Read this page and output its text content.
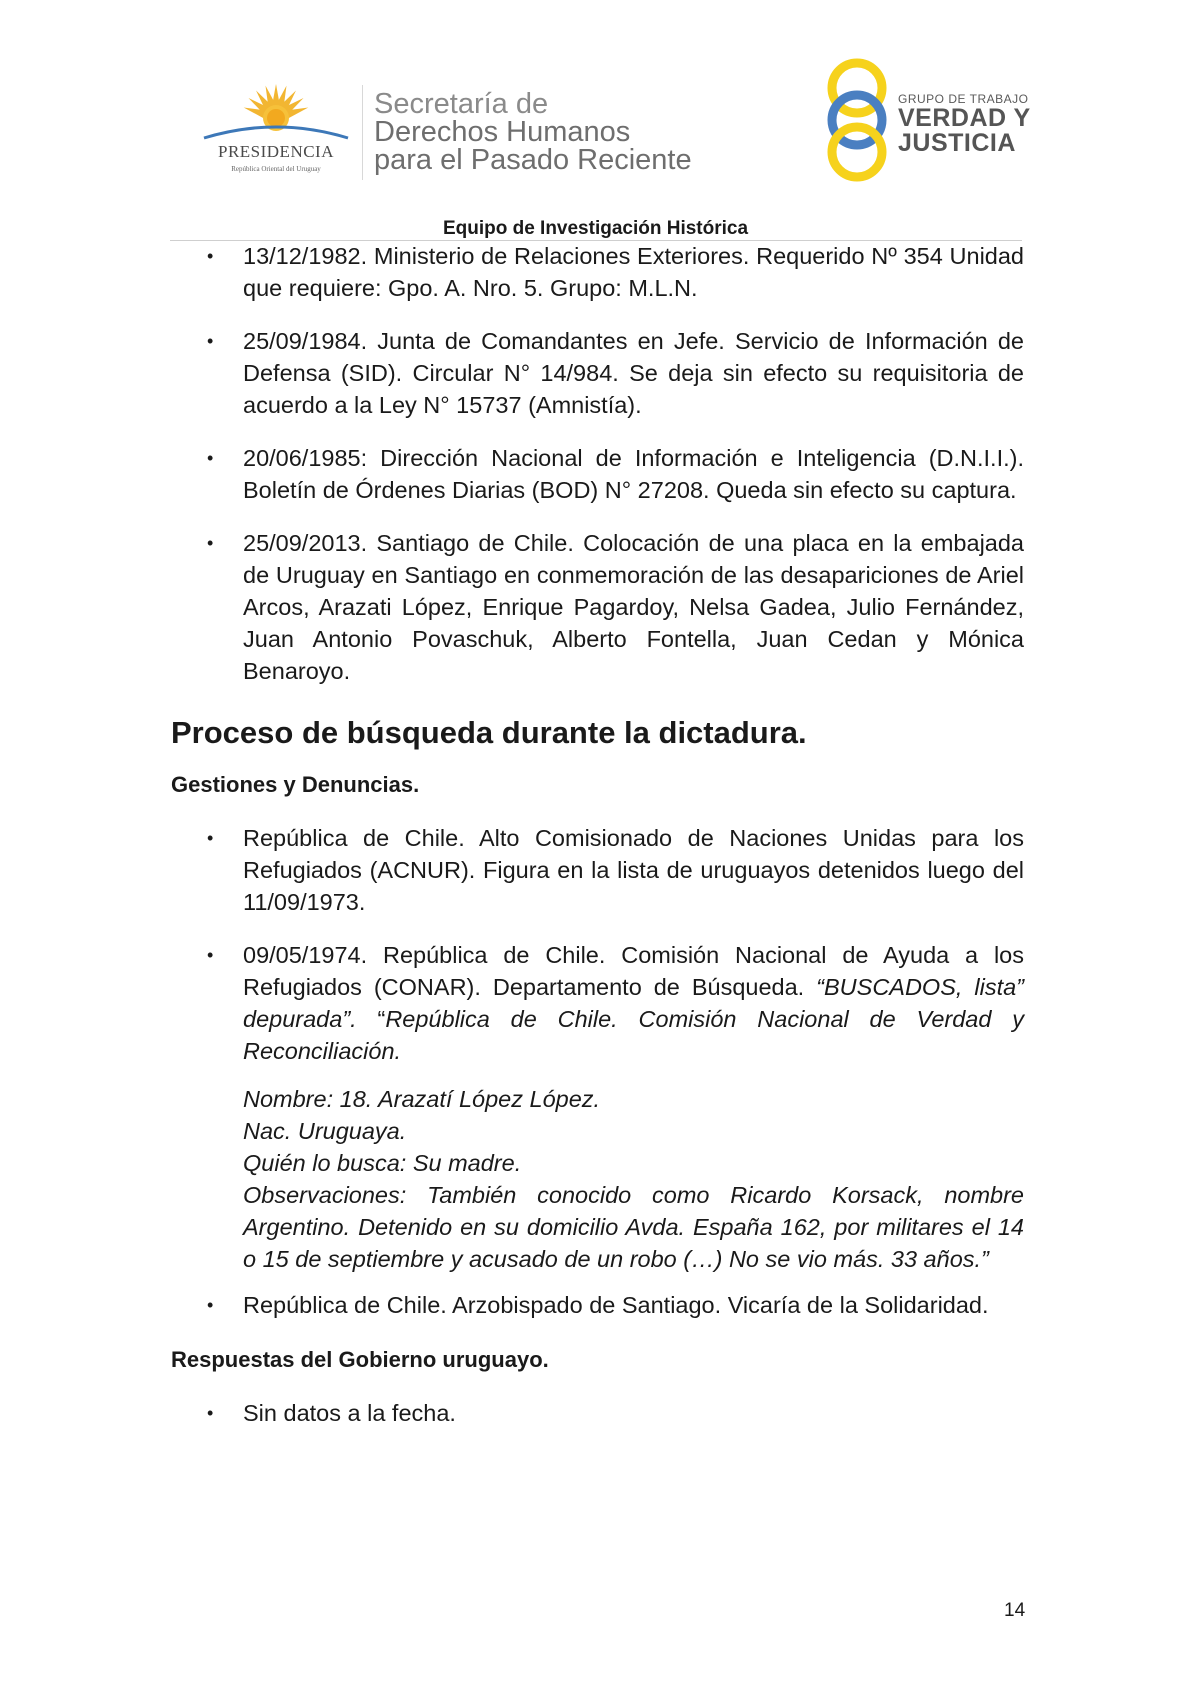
PRESIDENCIA
República Oriental del Uruguay
Secretaría de
Derechos Humanos
para el Pasado Reciente
GRUPO DE TRABAJO
VERDAD Y
JUSTICIA
Equipo de Investigación Histórica

• 13/12/1982. Ministerio de Relaciones Exteriores. Requerido Nº 354 Unidad que requiere: Gpo. A. Nro. 5. Grupo: M.L.N.

• 25/09/1984. Junta de Comandantes en Jefe. Servicio de Información de Defensa (SID). Circular N° 14/984. Se deja sin efecto su requisitoria de acuerdo a la Ley N° 15737 (Amnistía).

• 20/06/1985: Dirección Nacional de Información e Inteligencia (D.N.I.I.). Boletín de Órdenes Diarias (BOD) N° 27208. Queda sin efecto su captura.

• 25/09/2013. Santiago de Chile. Colocación de una placa en la embajada de Uruguay en Santiago en conmemoración de las desapariciones de Ariel Arcos, Arazati López, Enrique Pagardoy, Nelsa Gadea, Julio Fernández, Juan Antonio Povaschuk, Alberto Fontella, Juan Cedan y Mónica Benaroyo.

Proceso de búsqueda durante la dictadura.
Gestiones y Denuncias.

• República de Chile. Alto Comisionado de Naciones Unidas para los Refugiados (ACNUR). Figura en la lista de uruguayos detenidos luego del 11/09/1973.

• 09/05/1974. República de Chile. Comisión Nacional de Ayuda a los Refugiados (CONAR). Departamento de Búsqueda. “BUSCADOS, lista” depurada”. “República de Chile. Comisión Nacional de Verdad y Reconciliación.

Nombre: 18. Arazatí López López.
Nac. Uruguaya.
Quién lo busca: Su madre.
Observaciones: También conocido como Ricardo Korsack, nombre Argentino. Detenido en su domicilio Avda. España 162, por militares el 14 o 15 de septiembre y acusado de un robo (…) No se vio más. 33 años.”

• República de Chile. Arzobispado de Santiago. Vicaría de la Solidaridad.

Respuestas del Gobierno uruguayo.

• Sin datos a la fecha.

14
